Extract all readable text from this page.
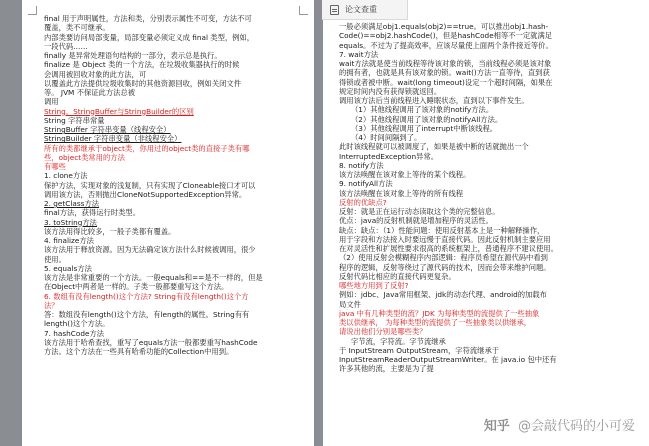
final 用于声明属性，方法和类，分别表示属性不可变，方法不可
覆盖，类不可继承。
内部类要访问局部变量，局部变量必须定义成 final 类型，例如，
一段代码……
finally 是异常处理语句结构的一部分，表示总是执行。
finalize 是 Object 类的一个方法，在垃圾收集器执行的时候
会调用被回收对象的此方法，可
以覆盖此方法提供垃圾收集时的其他资源回收，例如关闭文件
等。 JVM 不保证此方法总被
调用
String，StringBuffer与StringBuilder的区别
String 字符串常量
StringBuffer 字符串变量（线程安全）
StringBuilder 字符串变量（非线程安全）
所有的类都继承于object类，你用过的object类的直接子类有哪
些，object类常用的方法
有哪些
1. clone方法
保护方法，实现对象的浅复制，只有实现了Cloneable接口才可以
调用该方法，否则抛出CloneNotSupportedException异常。
2. getClass方法
final方法，获得运行时类型。
3. toString方法
该方法用得比较多，一般子类都有覆盖。
4. finalize方法
该方法用于释放资源。因为无法确定该方法什么时候被调用，很少
使用。
5. equals方法
该方法是非常重要的一个方法。一般equals和==是不一样的，但是
在Object中两者是一样的。子类一般都要重写这个方法。
6. 数组有没有length()这个方法? String有没有length()这个方
法？
答：数组没有length()这个方法，有length的属性。String有有
length()这个方法。
7. hashCode方法
该方法用于哈希查找，重写了equals方法一般都要重写hashCode
方法。这个方法在一些具有哈希功能的Collection中用到。
一般必须满足obj1.equals(obj2)==true。可以推出obj1.hash-
Code()==obj2.hashCode()，但是hashCode相等不一定就满足
equals。不过为了提高效率，应该尽量使上面两个条件接近等价。
7. wait方法
wait方法就是使当前线程等待该对象的锁，当前线程必须是该对象
的拥有者，也就是具有该对象的锁。wait()方法一直等待，直到获
得锁或者被中断。wait(long timeout)设定一个超时间隔，如果在
规定时间内没有获得锁就返回。
调用该方法后当前线程进入睡眠状态，直到以下事件发生。
（1）其他线程调用了该对象的notify方法。
（2）其他线程调用了该对象的notifyAll方法。
（3）其他线程调用了interrupt中断该线程。
（4）时间间隔到了。
此时该线程就可以被调度了，如果是被中断的话就抛出一个
InterruptedException异常。
8. notify方法
该方法唤醒在该对象上等待的某个线程。
9. notifyAll方法
该方法唤醒在该对象上等待的所有线程
反射的优缺点?
反射：就是正在运行动态读取这个类的完整信息。
优点：java的反射机制就是增加程序的灵活性。
缺点：缺点：（1）性能问题：使用反射基本上是一种解释操作，
用于字段和方法接入时要远慢于直接代码。因此反射机制主要应用
在对灵活性和扩展性要求很高的系统框架上，普通程序不建议使用。
（2）使用反射会模糊程序内部逻辑：程序员希望在源代码中看到
程序的逻辑，反射等绕过了源代码的技术，因而会带来维护问题。
反射代码比相应的直接代码更复杂。
哪些地方用到了反射?
例如：jdbc、Java常用框架、jdk的动态代理、android的加载布
局文件
java 中有几种类型的流？JDK 为每种类型的流提供了一些抽象
类以供继承， 为每种类型的流提供了一些抽象类以供继承，
请说出他们分别是哪些类？
字节流，字符流。字节流继承
于 InputStream OutputStream，字符流继承于
InputStreamReaderOutputStreamWriter。在 java.io 包中还有
许多其他的流，主要是为了提
论文查重
知乎 @会敲代码的小可爱
